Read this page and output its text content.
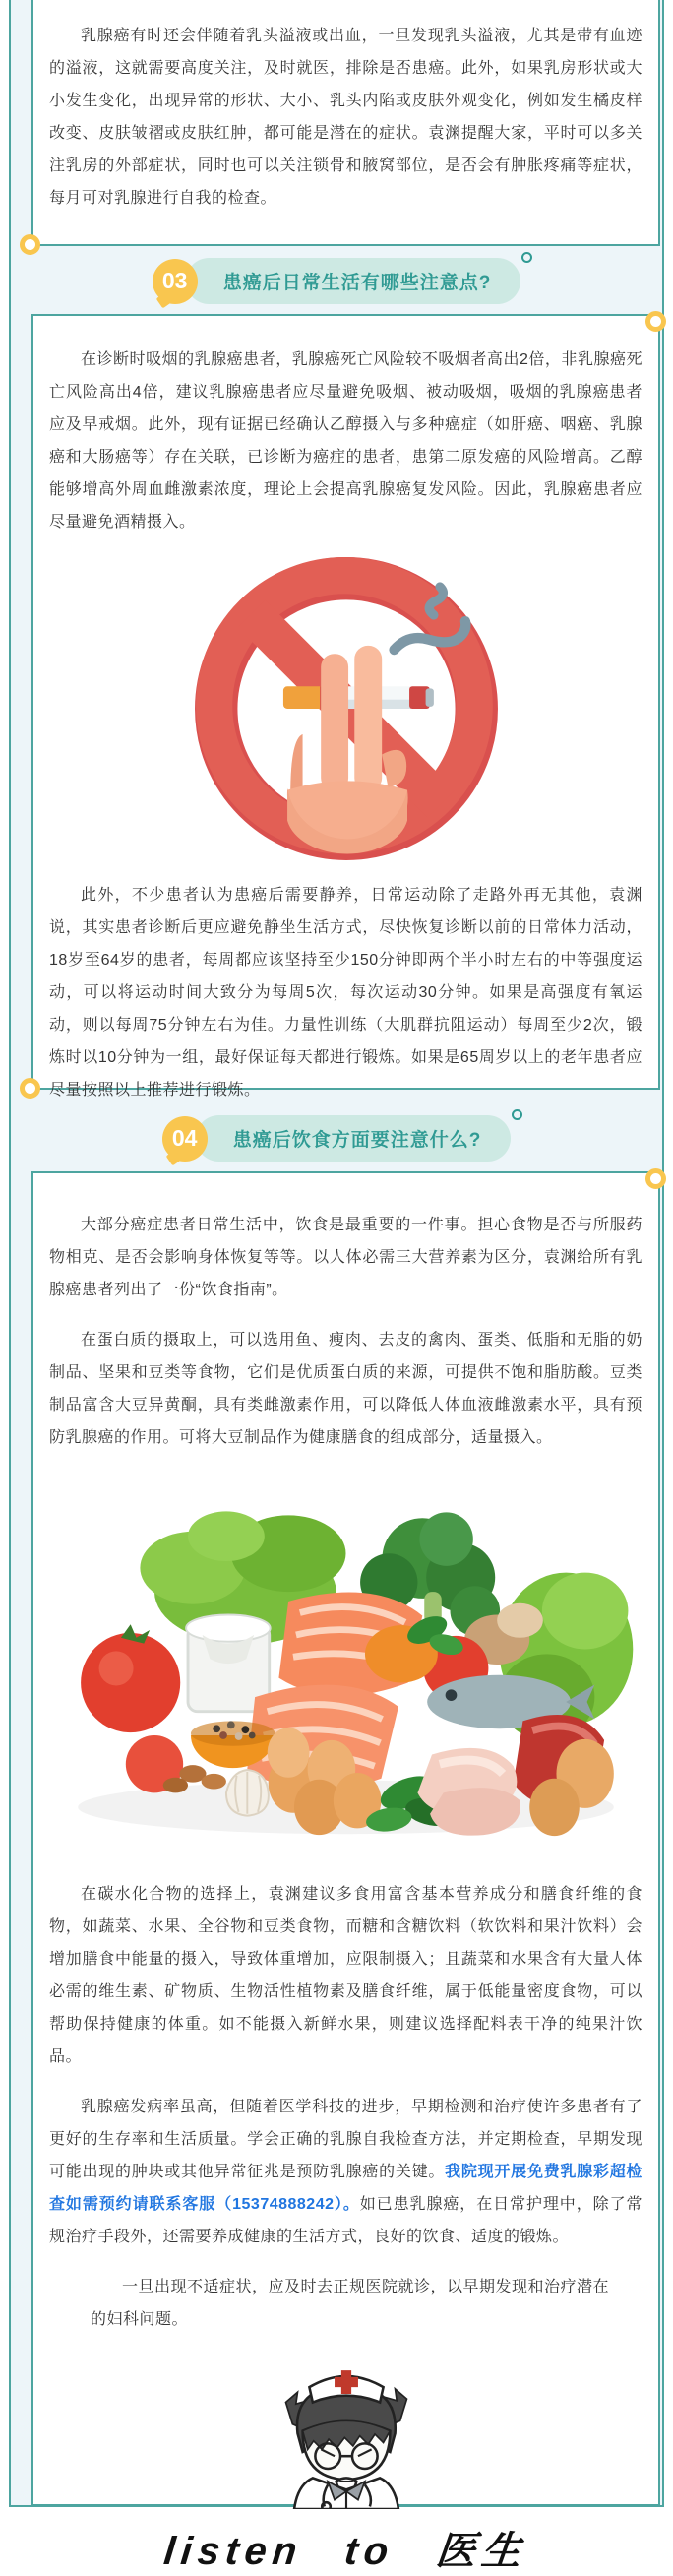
乳腺癌有时还会伴随着乳头溢液或出血，一旦发现乳头溢液，尤其是带有血迹的溢液，这就需要高度关注，及时就医，排除是否患癌。此外，如果乳房形状或大小发生变化，出现异常的形状、大小、乳头内陷或皮肤外观变化，例如发生橘皮样改变、皮肤皱褶或皮肤红肿，都可能是潜在的症状。袁渊提醒大家，平时可以多关注乳房的外部症状，同时也可以关注锁骨和腋窝部位，是否会有肿胀疼痛等症状，每月可对乳腺进行自我的检查。

03	患癌后日常生活有哪些注意点?

在诊断时吸烟的乳腺癌患者，乳腺癌死亡风险较不吸烟者高出2倍，非乳腺癌死亡风险高出4倍，建议乳腺癌患者应尽量避免吸烟、被动吸烟，吸烟的乳腺癌患者应及早戒烟。此外，现有证据已经确认乙醇摄入与多种癌症（如肝癌、咽癌、乳腺癌和大肠癌等）存在关联，已诊断为癌症的患者，患第二原发癌的风险增高。乙醇能够增高外周血雌激素浓度，理论上会提高乳腺癌复发风险。因此，乳腺癌患者应尽量避免酒精摄入。

此外，不少患者认为患癌后需要静养，日常运动除了走路外再无其他，袁渊说，其实患者诊断后更应避免静坐生活方式，尽快恢复诊断以前的日常体力活动，18岁至64岁的患者，每周都应该坚持至少150分钟即两个半小时左右的中等强度运动，可以将运动时间大致分为每周5次，每次运动30分钟。如果是高强度有氧运动，则以每周75分钟左右为佳。力量性训练（大肌群抗阻运动）每周至少2次，锻炼时以10分钟为一组，最好保证每天都进行锻炼。如果是65周岁以上的老年患者应尽量按照以上推荐进行锻炼。

04	患癌后饮食方面要注意什么?

大部分癌症患者日常生活中，饮食是最重要的一件事。担心食物是否与所服药物相克、是否会影响身体恢复等等。以人体必需三大营养素为区分，袁渊给所有乳腺癌患者列出了一份“饮食指南”。

在蛋白质的摄取上，可以选用鱼、瘦肉、去皮的禽肉、蛋类、低脂和无脂的奶制品、坚果和豆类等食物，它们是优质蛋白质的来源，可提供不饱和脂肪酸。豆类制品富含大豆异黄酮，具有类雌激素作用，可以降低人体血液雌激素水平，具有预防乳腺癌的作用。可将大豆制品作为健康膳食的组成部分，适量摄入。

在碳水化合物的选择上，袁渊建议多食用富含基本营养成分和膳食纤维的食物，如蔬菜、水果、全谷物和豆类食物，而糖和含糖饮料（软饮料和果汁饮料）会增加膳食中能量的摄入，导致体重增加，应限制摄入；且蔬菜和水果含有大量人体必需的维生素、矿物质、生物活性植物素及膳食纤维，属于低能量密度食物，可以帮助保持健康的体重。如不能摄入新鲜水果，则建议选择配料表干净的纯果汁饮品。

乳腺癌发病率虽高，但随着医学科技的进步，早期检测和治疗使许多患者有了更好的生存率和生活质量。学会正确的乳腺自我检查方法，并定期检查，早期发现可能出现的肿块或其他异常征兆是预防乳腺癌的关键。我院现开展免费乳腺彩超检查如需预约请联系客服（15374888242）。如已患乳腺癌，在日常护理中，除了常规治疗手段外，还需要养成健康的生活方式，良好的饮食、适度的锻炼。

一旦出现不适症状，应及时去正规医院就诊，以早期发现和治疗潜在的妇科问题。

listen to 医生
